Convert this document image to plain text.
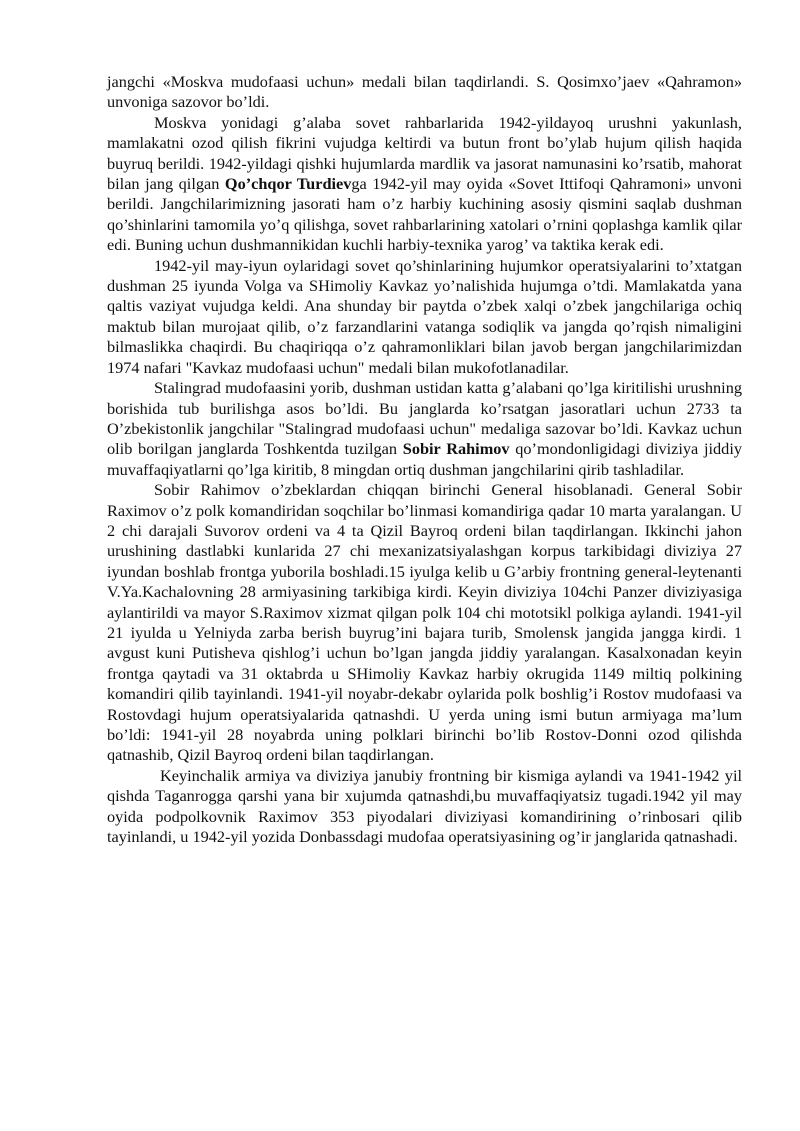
jangchi «Moskva mudofaasi uchun» medali bilan taqdirlandi. S. Qosimxo’jaev «Qahramon» unvoniga sazovor bo’ldi.

Moskva yonidagi g’alaba sovet rahbarlarida 1942-yildayoq urushni yakunlash, mamlakatni ozod qilish fikrini vujudga keltirdi va butun front bo’ylab hujum qilish haqida buyruq berildi. 1942-yildagi qishki hujumlarda mardlik va jasorat namunasini ko’rsatib, mahorat bilan jang qilgan Qo’chqor Turdievga 1942-yil may oyida «Sovet Ittifoqi Qahramoni» unvoni berildi. Jangchilarimizning jasorati ham o’z harbiy kuchining asosiy qismini saqlab dushman qo’shinlarini tamomila yo’q qilishga, sovet rahbarlarining xatolari o’rnini qoplashga kamlik qilar edi. Buning uchun dushmannikidan kuchli harbiy-texnika yarog’ va taktika kerak edi.

1942-yil may-iyun oylaridagi sovet qo’shinlarining hujumkor operatsiyalarini to’xtatgan dushman 25 iyunda Volga va SHimoliy Kavkaz yo’nalishida hujumga o’tdi. Mamlakatda yana qaltis vaziyat vujudga keldi. Ana shunday bir paytda o’zbek xalqi o’zbek jangchilariga ochiq maktub bilan murojaat qilib, o’z farzandlarini vatanga sodiqlik va jangda qo’rqish nimaligini bilmaslikka chaqirdi. Bu chaqiriqqa o’z qahramonliklari bilan javob bergan jangchilarimizdan 1974 nafari "Kavkaz mudofaasi uchun" medali bilan mukofotlanadilar.

Stalingrad mudofaasini yorib, dushman ustidan katta g’alabani qo’lga kiritilishi urushning borishida tub burilishga asos bo’ldi. Bu janglarda ko’rsatgan jasoratlari uchun 2733 ta O’zbekistonlik jangchilar "Stalingrad mudofaasi uchun" medaliga sazovar bo’ldi. Kavkaz uchun olib borilgan janglarda Toshkentda tuzilgan Sobir Rahimov qo’mondonligidagi diviziya jiddiy muvaffaqiyatlarni qo’lga kiritib, 8 mingdan ortiq dushman jangchilarini qirib tashladilar.

Sobir Rahimov o’zbeklardan chiqqan birinchi General hisoblanadi. General Sobir Raximov o’z polk komandiridan soqchilar bo’linmasi komandiriga qadar 10 marta yaralangan. U 2 chi darajali Suvorov ordeni va 4 ta Qizil Bayroq ordeni bilan taqdirlangan. Ikkinchi jahon urushining dastlabki kunlarida 27 chi mexanizatsiyalashgan korpus tarkibidagi diviziya 27 iyundan boshlab frontga yuborila boshladi.15 iyulga kelib u G’arbiy frontning general-leytenanti V.Ya.Kachalovning 28 armiyasining tarkibiga kirdi. Keyin diviziya 104chi Panzer diviziyasiga aylantirildi va mayor S.Raximov xizmat qilgan polk 104 chi mototsikl polkiga aylandi. 1941-yil 21 iyulda u Yelniyda zarba berish buyrug’ini bajara turib, Smolensk jangida jangga kirdi. 1 avgust kuni Putisheva qishlog’i uchun bo’lgan jangda jiddiy yaralangan. Kasalxonadan keyin frontga qaytadi va 31 oktabrda u SHimoliy Kavkaz harbiy okrugida 1149 miltiq polkining komandiri qilib tayinlandi. 1941-yil noyabr-dekabr oylarida polk boshlig’i Rostov mudofaasi va Rostovdagi hujum operatsiyalarida qatnashdi. U yerda uning ismi butun armiyaga ma’lum bo’ldi: 1941-yil 28 noyabrda uning polklari birinchi bo’lib Rostov-Donni ozod qilishda qatnashib, Qizil Bayroq ordeni bilan taqdirlangan.

Keyinchalik armiya va diviziya janubiy frontning bir kismiga aylandi va 1941-1942 yil qishda Taganrogga qarshi yana bir xujumda qatnashdi,bu muvaffaqiyatsiz tugadi.1942 yil may oyida podpolkovnik Raximov 353 piyodalari diviziyasi komandirining o’rinbosari qilib tayinlandi, u 1942-yil yozida Donbassdagi mudofaa operatsiyasining og’ir janglarida qatnashadi.
